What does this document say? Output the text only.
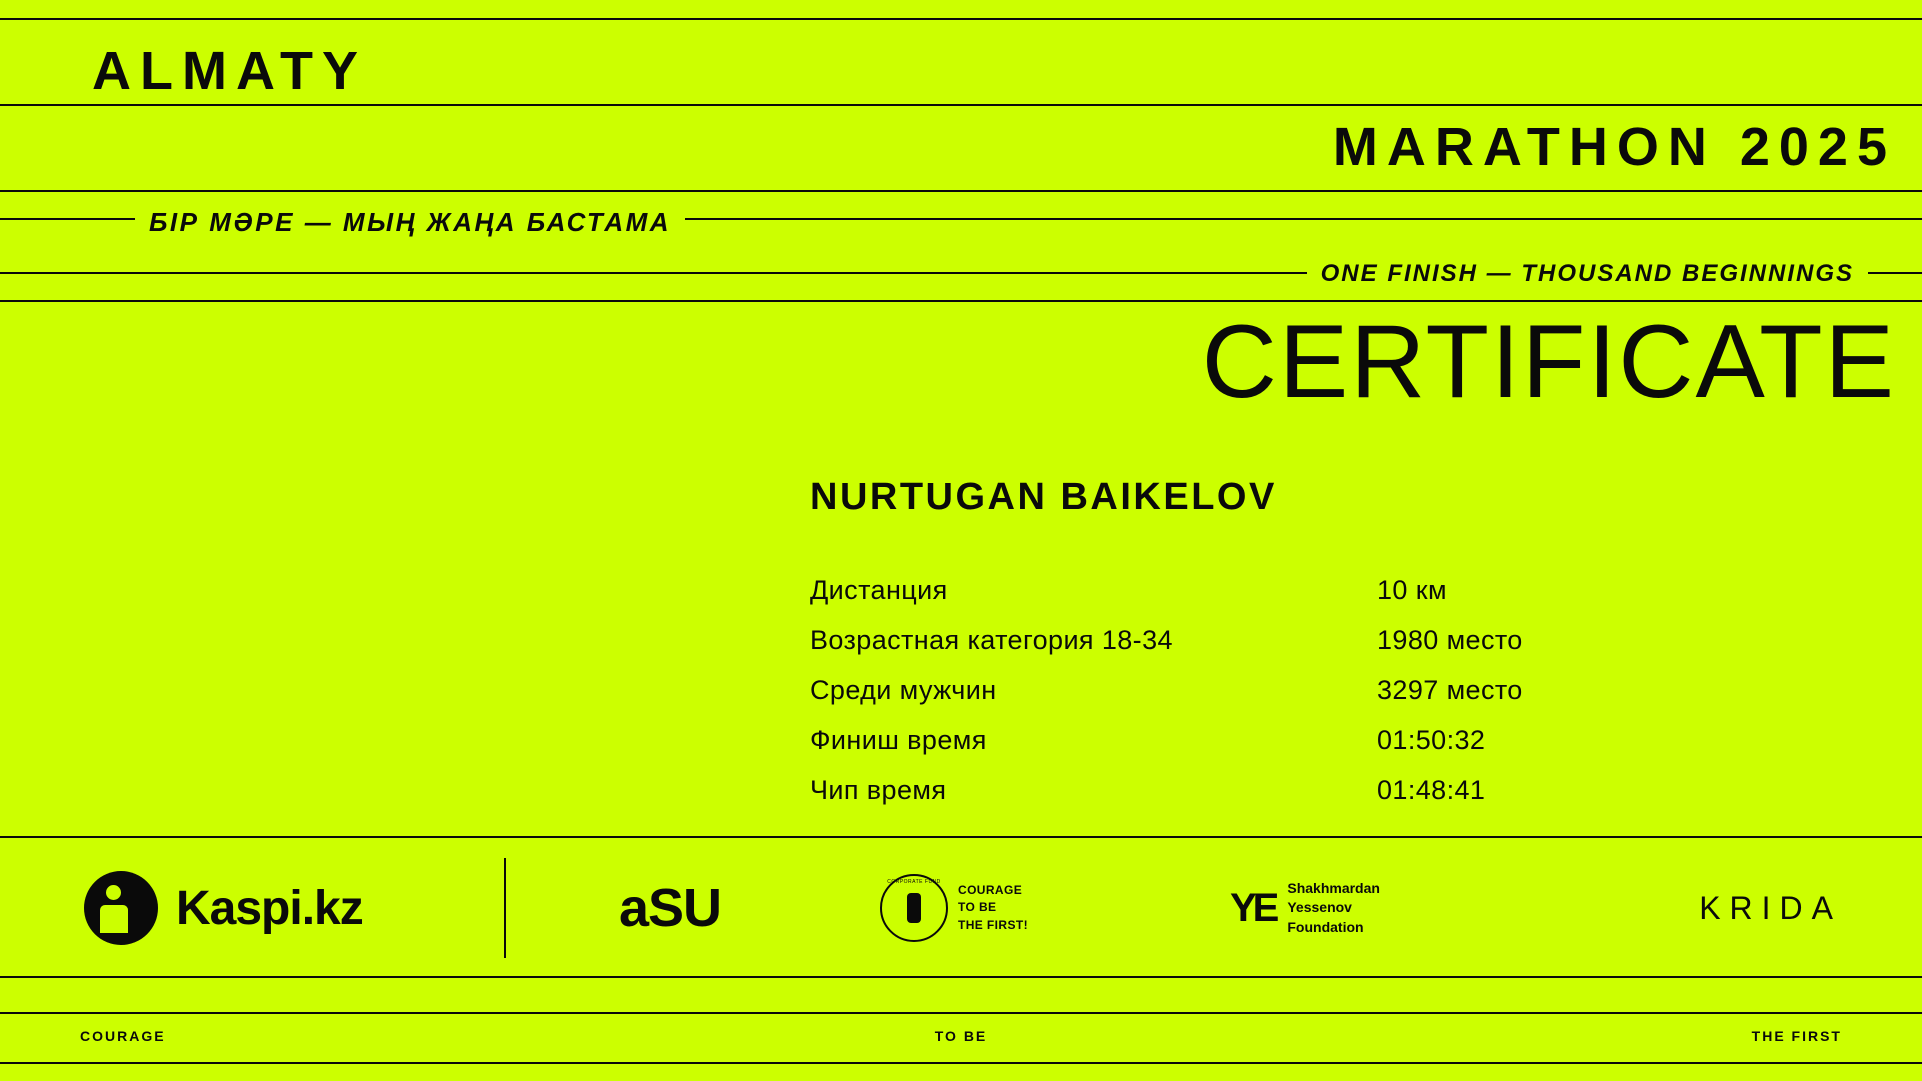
ALMATY
MARATHON 2025
БІР МӘРЕ — МЫҢ ЖАҢА БАСТАМА
ONE FINISH — THOUSAND BEGINNINGS
CERTIFICATE
NURTUGAN BAIKELOV
Дистанция	10 км
Возрастная категория 18-34	1980 место
Среди мужчин	3297 место
Финиш время	01:50:32
Чип время	01:48:41
Kaspi.kz	aSU	CORPORATE FUND
COURAGE
TO BE
THE FIRST!	YE Shakhmardan
Yessenov
Foundation
KRIDA
COURAGE	TO BE	THE FIRST
